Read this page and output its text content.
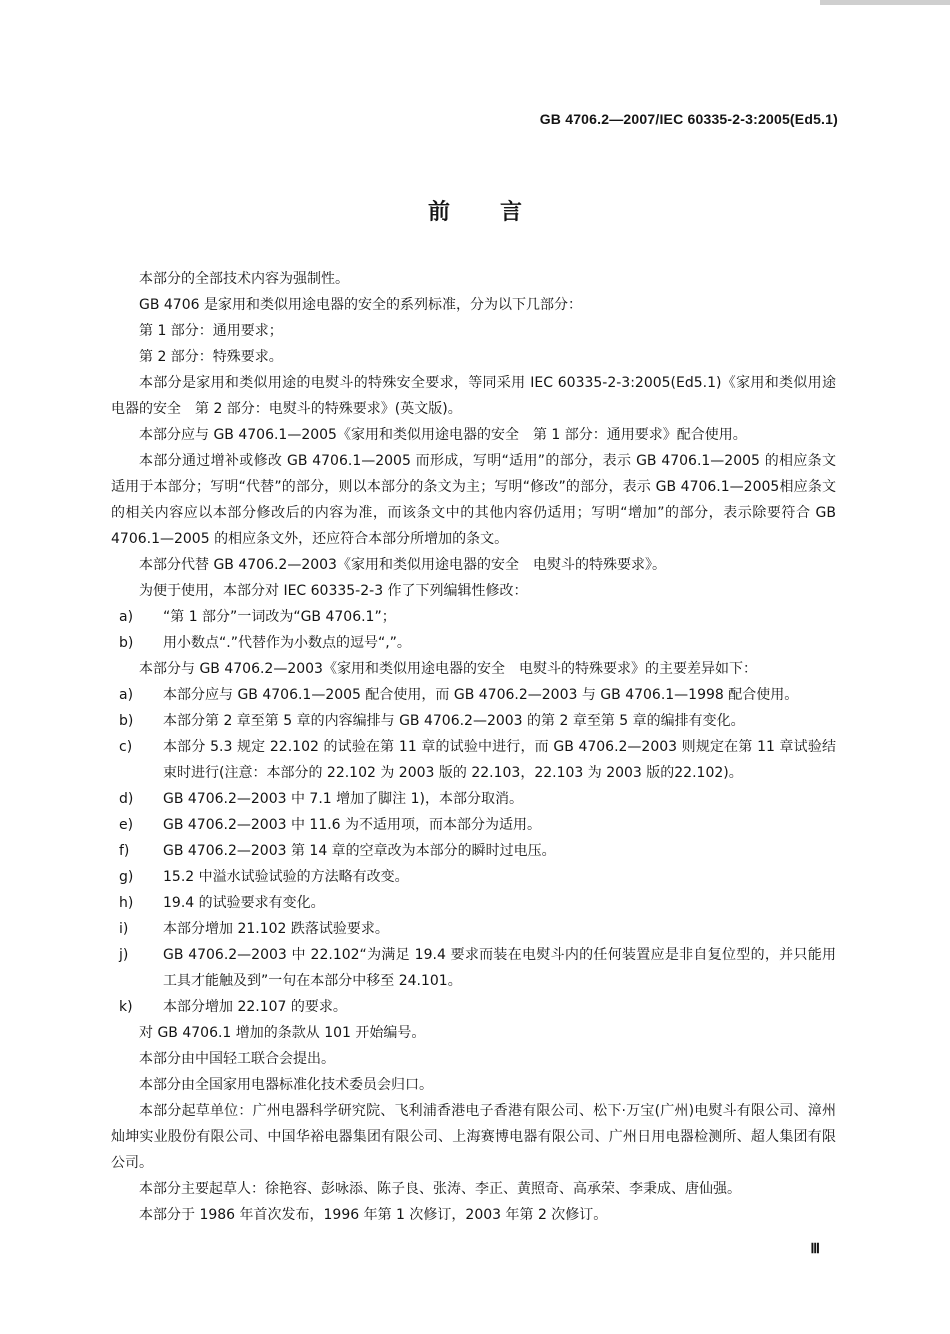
GB 4706.2—2007/IEC 60335-2-3:2005(Ed5.1)
前言

本部分的全部技术内容为强制性。

GB 4706 是家用和类似用途电器的安全的系列标准，分为以下几部分：

第 1 部分：通用要求；

第 2 部分：特殊要求。

本部分是家用和类似用途的电熨斗的特殊安全要求，等同采用 IEC 60335-2-3:2005(Ed5.1)《家用和类似用途电器的安全　第 2 部分：电熨斗的特殊要求》(英文版)。

本部分应与 GB 4706.1—2005《家用和类似用途电器的安全　第 1 部分：通用要求》配合使用。

本部分通过增补或修改 GB 4706.1—2005 而形成，写明“适用”的部分，表示 GB 4706.1—2005 的相应条文适用于本部分；写明“代替”的部分，则以本部分的条文为主；写明“修改”的部分，表示 GB 4706.1—2005相应条文的相关内容应以本部分修改后的内容为准，而该条文中的其他内容仍适用；写明“增加”的部分，表示除要符合 GB 4706.1—2005 的相应条文外，还应符合本部分所增加的条文。

本部分代替 GB 4706.2—2003《家用和类似用途电器的安全　电熨斗的特殊要求》。

为便于使用，本部分对 IEC 60335-2-3 作了下列编辑性修改：

a) “第 1 部分”一词改为“GB 4706.1”；
b) 用小数点“.”代替作为小数点的逗号“,”。

本部分与 GB 4706.2—2003《家用和类似用途电器的安全　电熨斗的特殊要求》的主要差异如下：

a) 本部分应与 GB 4706.1—2005 配合使用，而 GB 4706.2—2003 与 GB 4706.1—1998 配合使用。
b) 本部分第 2 章至第 5 章的内容编排与 GB 4706.2—2003 的第 2 章至第 5 章的编排有变化。
c) 本部分 5.3 规定 22.102 的试验在第 11 章的试验中进行，而 GB 4706.2—2003 则规定在第 11 章试验结束时进行(注意：本部分的 22.102 为 2003 版的 22.103，22.103 为 2003 版的22.102)。
d) GB 4706.2—2003 中 7.1 增加了脚注 1)，本部分取消。
e) GB 4706.2—2003 中 11.6 为不适用项，而本部分为适用。
f) GB 4706.2—2003 第 14 章的空章改为本部分的瞬时过电压。
g) 15.2 中溢水试验试验的方法略有改变。
h) 19.4 的试验要求有变化。
i) 本部分增加 21.102 跌落试验要求。
j) GB 4706.2—2003 中 22.102“为满足 19.4 要求而装在电熨斗内的任何装置应是非自复位型的，并只能用工具才能触及到”一句在本部分中移至 24.101。
k) 本部分增加 22.107 的要求。

对 GB 4706.1 增加的条款从 101 开始编号。

本部分由中国轻工联合会提出。

本部分由全国家用电器标准化技术委员会归口。

本部分起草单位：广州电器科学研究院、飞利浦香港电子香港有限公司、松下·万宝(广州)电熨斗有限公司、漳州灿坤实业股份有限公司、中国华裕电器集团有限公司、上海赛博电器有限公司、广州日用电器检测所、超人集团有限公司。

本部分主要起草人：徐艳容、彭咏添、陈子良、张涛、李正、黄照奇、高承荣、李秉成、唐仙强。

本部分于 1986 年首次发布，1996 年第 1 次修订，2003 年第 2 次修订。

Ⅲ
